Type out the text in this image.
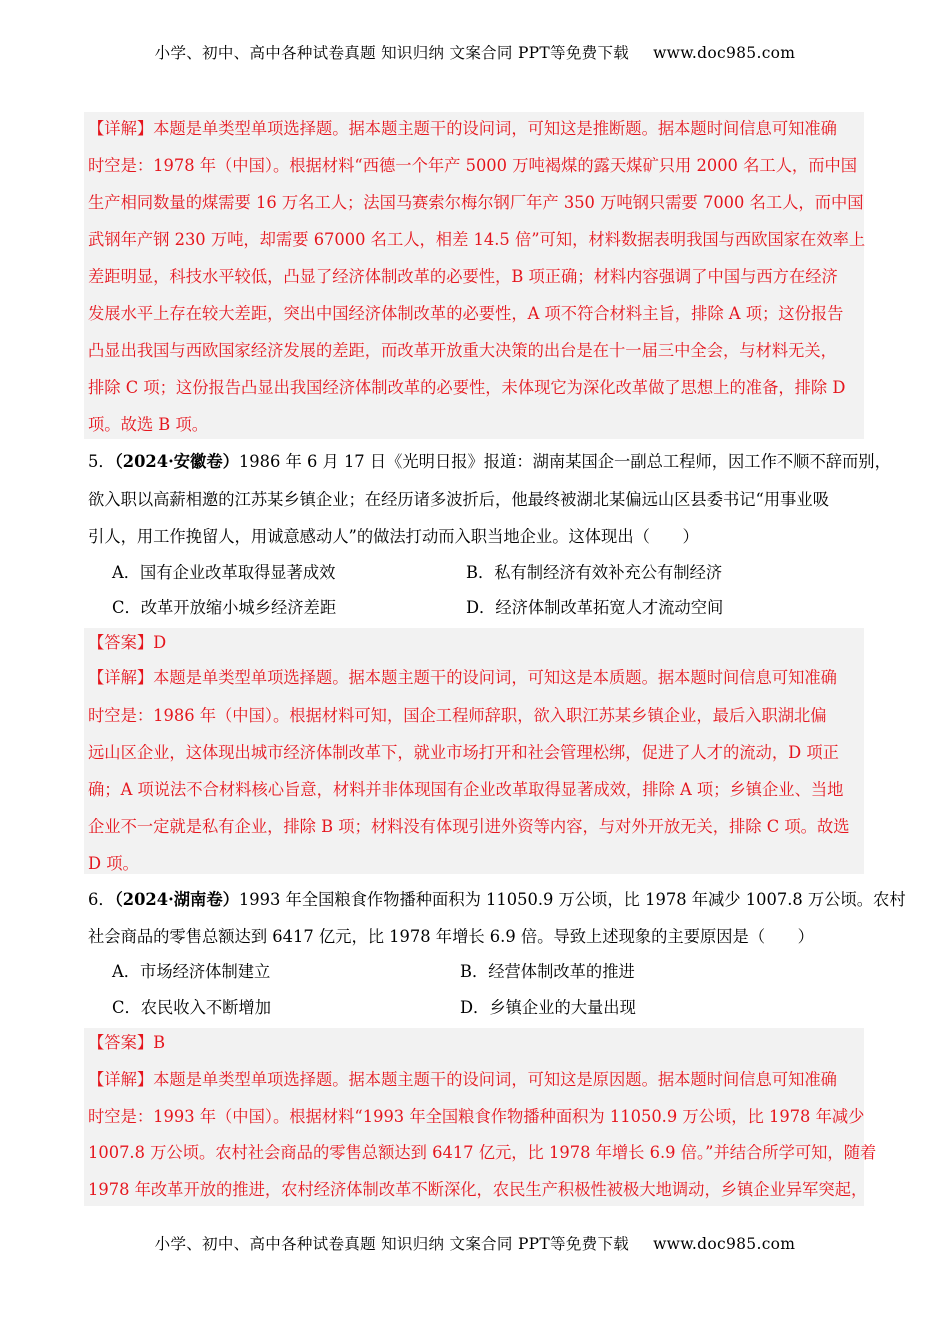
小学、初中、高中各种试卷真题 知识归纳 文案合同 PPT等免费下载 www.doc985.com
【详解】本题是单类型单项选择题。据本题主题干的设问词，可知这是推断题。据本题时间信息可知准确
时空是：1978 年（中国）。根据材料“西德一个年产 5000 万吨褐煤的露天煤矿只用 2000 名工人，而中国
生产相同数量的煤需要 16 万名工人；法国马赛索尔梅尔钢厂年产 350 万吨钢只需要 7000 名工人，而中国
武钢年产钢 230 万吨，却需要 67000 名工人，相差 14.5 倍”可知，材料数据表明我国与西欧国家在效率上
差距明显，科技水平较低，凸显了经济体制改革的必要性，B 项正确；材料内容强调了中国与西方在经济
发展水平上存在较大差距，突出中国经济体制改革的必要性，A 项不符合材料主旨，排除 A 项；这份报告
凸显出我国与西欧国家经济发展的差距，而改革开放重大决策的出台是在十一届三中全会，与材料无关，
排除 C 项；这份报告凸显出我国经济体制改革的必要性，未体现它为深化改革做了思想上的准备，排除 D
项。故选 B 项。
5．（2024·安徽卷）1986 年 6 月 17 日《光明日报》报道：湖南某国企一副总工程师，因工作不顺不辞而别，
欲入职以高薪相邀的江苏某乡镇企业；在经历诸多波折后，他最终被湖北某偏远山区县委书记“用事业吸
引人，用工作挽留人，用诚意感动人”的做法打动而入职当地企业。这体现出（　　）
A．国有企业改革取得显著成效	B．私有制经济有效补充公有制经济
C．改革开放缩小城乡经济差距	D．经济体制改革拓宽人才流动空间
【答案】D
【详解】本题是单类型单项选择题。据本题主题干的设问词，可知这是本质题。据本题时间信息可知准确
时空是：1986 年（中国）。根据材料可知，国企工程师辞职，欲入职江苏某乡镇企业，最后入职湖北偏
远山区企业，这体现出城市经济体制改革下，就业市场打开和社会管理松绑，促进了人才的流动，D 项正
确；A 项说法不合材料核心旨意，材料并非体现国有企业改革取得显著成效，排除 A 项；乡镇企业、当地
企业不一定就是私有企业，排除 B 项；材料没有体现引进外资等内容，与对外开放无关，排除 C 项。故选
D 项。
6．（2024·湖南卷）1993 年全国粮食作物播种面积为 11050.9 万公顷，比 1978 年减少 1007.8 万公顷。农村
社会商品的零售总额达到 6417 亿元，比 1978 年增长 6.9 倍。导致上述现象的主要原因是（　　）
A．市场经济体制建立	B．经营体制改革的推进
C．农民收入不断增加	D．乡镇企业的大量出现
【答案】B
【详解】本题是单类型单项选择题。据本题主题干的设问词，可知这是原因题。据本题时间信息可知准确
时空是：1993 年（中国）。根据材料“1993 年全国粮食作物播种面积为 11050.9 万公顷，比 1978 年减少
1007.8 万公顷。农村社会商品的零售总额达到 6417 亿元，比 1978 年增长 6.9 倍。”并结合所学可知，随着
1978 年改革开放的推进，农村经济体制改革不断深化，农民生产积极性被极大地调动，乡镇企业异军突起，
小学、初中、高中各种试卷真题 知识归纳 文案合同 PPT等免费下载 www.doc985.com
